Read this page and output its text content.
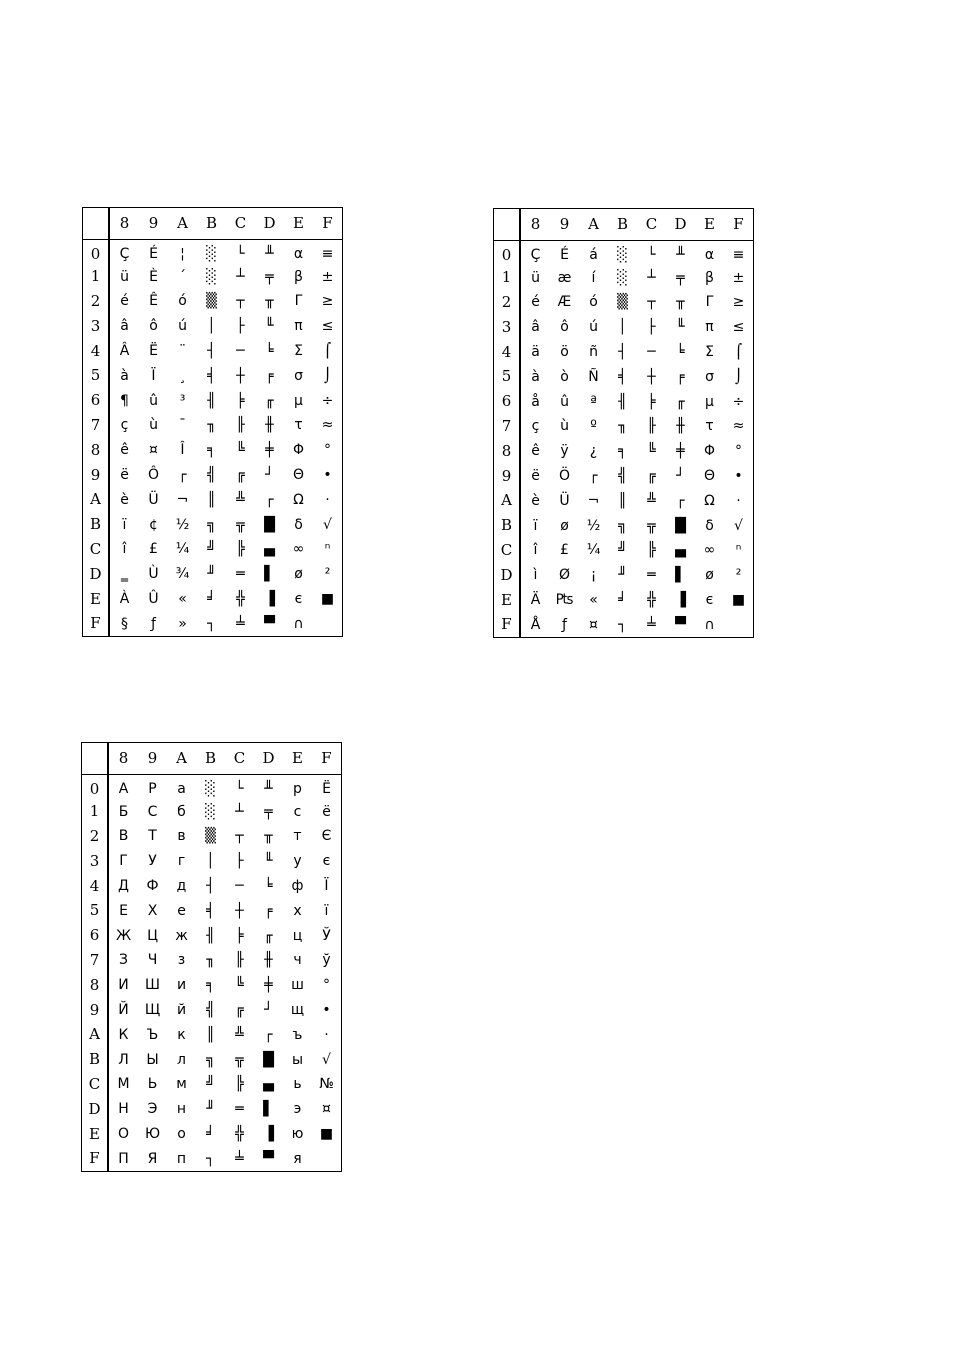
	8	9	A	B	C	D	E	F
0	Ç	É	¦	░	└	╨	α	≡
1	ü	È	´	░	┴	╤	β	±
2	é	Ê	ó	▒	┬	╥	Γ	≥
3	â	ô	ú	│	├	╙	π	≤
4	Â	Ë	¨	┤	─	╘	Σ	⌠
5	à	Ï	¸	╡	┼	╒	σ	⌡
6	¶	û	³	╢	╞	╓	µ	÷
7	ç	ù	¯	╖	╟	╫	τ	≈
8	ê	¤	Î	╕	╚	╪	Φ	°
9	ë	Ô	┌	╣	╔	┘	Θ	•
A	è	Ü	¬	║	╩	┌	Ω	·
B	ï	¢	½	╗	╦	█	δ	√
C	î	£	¼	╝	╠	▄	∞	ⁿ
D	‗	Ù	¾	╜	═	▌	ø	²
E	À	Û	«	╛	╬	▐	є	■
F	§	ƒ	»	┐	╧	▀	∩	
	8	9	A	B	C	D	E	F
0	Ç	É	á	░	└	╨	α	≡
1	ü	æ	í	░	┴	╤	β	±
2	é	Æ	ó	▒	┬	╥	Γ	≥
3	â	ô	ú	│	├	╙	π	≤
4	ä	ö	ñ	┤	─	╘	Σ	⌠
5	à	ò	Ñ	╡	┼	╒	σ	⌡
6	å	û	ª	╢	╞	╓	µ	÷
7	ç	ù	º	╖	╟	╫	τ	≈
8	ê	ÿ	¿	╕	╚	╪	Φ	°
9	ë	Ö	┌	╣	╔	┘	Θ	•
A	è	Ü	¬	║	╩	┌	Ω	·
B	ï	ø	½	╗	╦	█	δ	√
C	î	£	¼	╝	╠	▄	∞	ⁿ
D	ì	Ø	¡	╜	═	▌	ø	²
E	Ä	₧	«	╛	╬	▐	є	■
F	Å	ƒ	¤	┐	╧	▀	∩	
	8	9	A	B	C	D	E	F
0	А	Р	а	░	└	╨	р	Ё
1	Б	С	б	░	┴	╤	с	ё
2	В	Т	в	▒	┬	╥	т	Є
3	Г	У	г	│	├	╙	у	є
4	Д	Ф	д	┤	─	╘	ф	Ї
5	Е	Х	е	╡	┼	╒	х	ї
6	Ж	Ц	ж	╢	╞	╓	ц	Ў
7	З	Ч	з	╖	╟	╫	ч	ў
8	И	Ш	и	╕	╚	╪	ш	°
9	Й	Щ	й	╣	╔	┘	щ	•
A	К	Ъ	к	║	╩	┌	ъ	·
B	Л	Ы	л	╗	╦	█	ы	√
C	М	Ь	м	╝	╠	▄	ь	№
D	Н	Э	н	╜	═	▌	э	¤
E	О	Ю	о	╛	╬	▐	ю	■
F	П	Я	п	┐	╧	▀	я	
